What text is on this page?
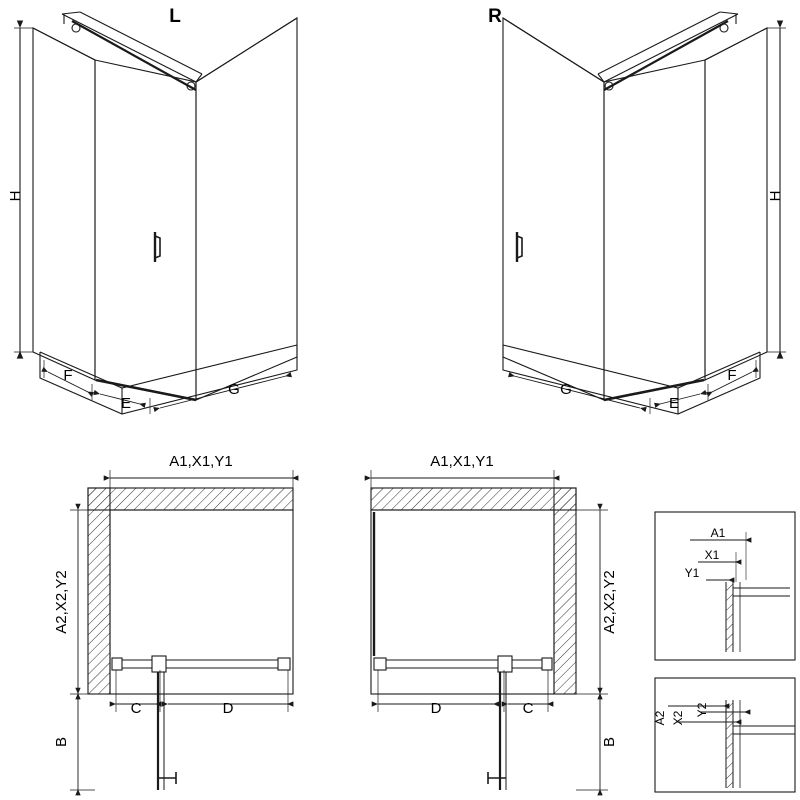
L	R
H	H
F
E
G
F
E
G
A1,X1,Y1	A1,X1,Y1
A2,X2,Y2	A2,X2,Y2
B	B
C	D	D	C
A1
X1
Y1
A2 X2
Y2
